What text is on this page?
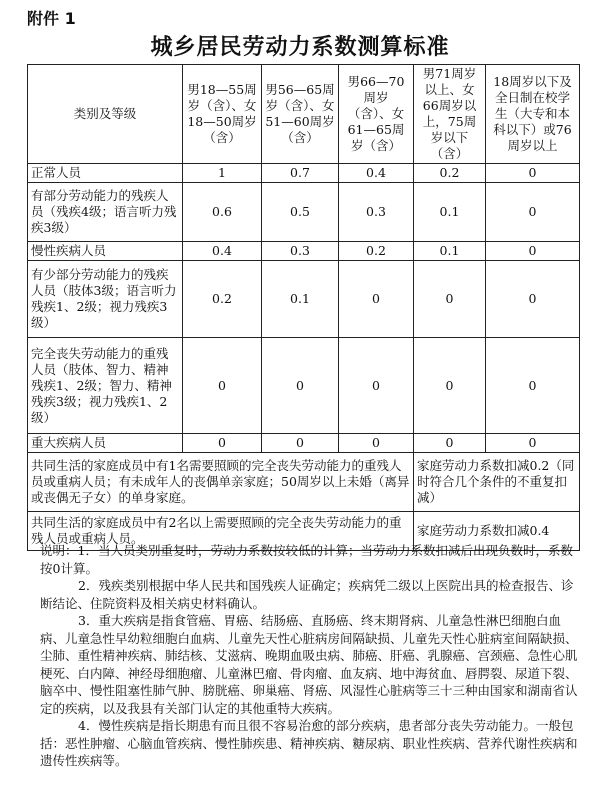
附件 1
城乡居民劳动力系数测算标准
类别及等级	男18—55周岁（含）、女18—50周岁（含）	男56—65周岁（含）、女51—60周岁（含）	男66—70周岁（含）、女61—65周岁（含）	男71周岁以上、女66周岁以上，75周岁以下（含）	18周岁以下及全日制在校学生（大专和本科以下）或76周岁以上
正常人员	1	0.7	0.4	0.2	0
有部分劳动能力的残疾人员（残疾4级；语言听力残疾3级）	0.6	0.5	0.3	0.1	0
慢性疾病人员	0.4	0.3	0.2	0.1	0
有少部分劳动能力的残疾人员（肢体3级；语言听力残疾1、2级；视力残疾3级）	0.2	0.1	0	0	0
完全丧失劳动能力的重残人员（肢体、智力、精神残疾1、2级；智力、精神残疾3级；视力残疾1、2级）	0	0	0	0	0
重大疾病人员	0	0	0	0	0
共同生活的家庭成员中有1名需要照顾的完全丧失劳动能力的重残人员或重病人员；有未成年人的丧偶单亲家庭；50周岁以上未婚（离异或丧偶无子女）的单身家庭。				家庭劳动力系数扣减0.2（同时符合几个条件的不重复扣减）	
共同生活的家庭成员中有2名以上需要照顾的完全丧失劳动能力的重残人员或重病人员。				家庭劳动力系数扣减0.4	

说明：1．当人员类别重复时，劳动力系数按较低的计算；当劳动力系数扣减后出现负数时，系数按0计算。

2．残疾类别根据中华人民共和国残疾人证确定；疾病凭二级以上医院出具的检查报告、诊断结论、住院资料及相关病史材料确认。

3．重大疾病是指食管癌、胃癌、结肠癌、直肠癌、终末期肾病、儿童急性淋巴细胞白血病、儿童急性早幼粒细胞白血病、儿童先天性心脏病房间隔缺损、儿童先天性心脏病室间隔缺损、尘肺、重性精神疾病、肺结核、艾滋病、晚期血吸虫病、肺癌、肝癌、乳腺癌、宫颈癌、急性心肌梗死、白内障、神经母细胞瘤、儿童淋巴瘤、骨肉瘤、血友病、地中海贫血、唇腭裂、尿道下裂、脑卒中、慢性阻塞性肺气肿、膀胱癌、卵巢癌、肾癌、风湿性心脏病等三十三种由国家和湖南省认定的疾病，以及我县有关部门认定的其他重特大疾病。

4．慢性疾病是指长期患有而且很不容易治愈的部分疾病，患者部分丧失劳动能力。一般包括：恶性肿瘤、心脑血管疾病、慢性肺疾患、精神疾病、糖尿病、职业性疾病、营养代谢性疾病和遗传性疾病等。
